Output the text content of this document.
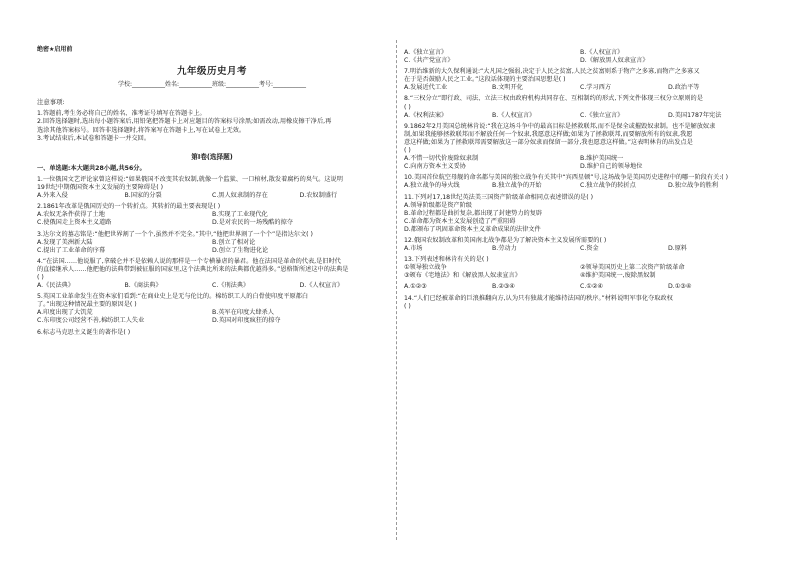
绝密★启用前
九年级历史月考
学校:___________姓名:___________班级:___________考号:___________
注意事项:
1.答题前,考生务必将自己的姓名、准考证号填写在答题卡上。
2.回答选择题时,选出每小题答案后,用铅笔把答题卡上对应题目的答案标号涂黑;如需改动,用橡皮擦干净后,再
选涂其他答案标号。回答非选择题时,将答案写在答题卡上,写在试卷上无效。
3.考试结束后,本试卷和答题卡一并交回。
第I卷(选择题)
一、单选题:本大题共28小题,共56分。
1.一位俄国文艺评论家曾这样说:“如果俄国不改变其农奴制,就像一个监狱、一口棺材,散发着腐朽的臭气。这说明
19世纪中期俄国资本主义发展的主要障碍是( )
A.外来入侵	B.国家的分裂	C.黑人奴隶制的存在	D.农奴制盛行
2.1861年改革是俄国历史的一个转折点。其转折的最主要表现是( )
A.农奴无条件获得了土地	B.实现了工业现代化
C.使俄国走上资本主义道路	D.是对农民的一场残酷的掠夺
3.达尔文的墓志铭是:“他把世界割了一个个,虽然并不完全。”其中,“他把世界割了一个个”是指达尔文( )
A.发现了美洲新大陆	B.创立了相对论
C.提出了工业革命的序幕	D.创立了生物进化论
4.“在法国……他说服了,拿破仑并不是依赖人说的那样是一个专横暴虐的暴君。他在法国是革命的代表,是旧时代
的直接继承人……他把他的法典带到被征服的国家里,这个法典比所来的法典都优越得多。”恩格斯所述这中的法典是
( )
A.《民法典》	B.《商法典》	C.《刑法典》	D.《人权宣言》
5.英国工业革命发生在资本家们看到:“在商业史上是无与伦比的。棉纺织工人的白骨使印度平原都白
了。”出现这种情况最主要的原因是( )
A.印度出现了大饥荒	B.英军在印度大肆杀人
C.东印度公司经营不善,棉纺织工人失业	D.英国对印度疯狂的掠夺
6.标志马克思主义诞生的著作是( )
A.《独立宣言》	B.《人权宣言》
C.《共产党宣言》	D.《解放黑人奴隶宣言》
7.明治维新的大久保利通说:“大凡国之强弱,决定于人民之贫富,人民之贫富则系于物产之多寡,而物产之多寡又
在于是否鼓励人民之工业。”这段话体现的主要治国思想是( )
A.发展近代工业	B.文明开化	C.学习西方	D.政治平等
8.“三权分立”即行政、司法、立法三权由政府机构共同存在、互相制约的形式,下列文件体现三权分立原则的是
( )
A.《权利法案》	B.《人权宣言》	C.《独立宣言》	D.美国1787年宪法
9.1862年2月美国总统林肯说:“我在这场斗争中的最高目标是拯救联邦,而不是保全或摧毁奴隶制。也不是解放奴隶
制,如果我能够拯救联邦而不解放任何一个奴隶,我愿意这样做;如果为了拯救联邦,而要解放所有的奴隶,我愿
意这样做;如果为了拯救联邦需要解放这一部分奴隶而保留一部分,我也愿意这样做。”这表明林肯的出发点是
( )
A.不惜一切代价废除奴隶制	B.维护美国统一
C.向南方资本主义妥协	D.维护自己的领导地位
10.美国首位航空母舰的命名都与美国的独立战争有关其中“宾西星顿”号,这场战争是美国历史进程中的哪一阶段有关:( )
A.独立战争的导火线	B.独立战争的开始	C.独立战争的转折点	D.独立战争的胜利
11.下列对17,18世纪英法美三国资产阶级革命相同点表述错误的是( )
A.领导阶级都是资产阶级
B.革命过程都是曲折复杂,都出现了封建势力的复辟
C.革命都为资本主义发展创造了严重阻碍
D.都颁布了巩固革命资本主义革命成果的法律文件
12.俄国农奴制改革和美国南北战争都是为了解决资本主义发展所需要的( )
A.市场	B.劳动力	C.资金	D.原料
13.下列表述和林肯有关的是( )
①领导独立战争	②领导美国历史上第二次资产阶级革命
③颁布《宅地法》和《解放黑人奴隶宣言》	④维护美国统一,废除黑奴制
A.①②③	B.②③④	C.①②④	D.①③④
14.“人们已经被革命的巨浪推翻向方,认为只有独裁才能维持法国的秩序。”材料说明军事化夺取政权
( )
